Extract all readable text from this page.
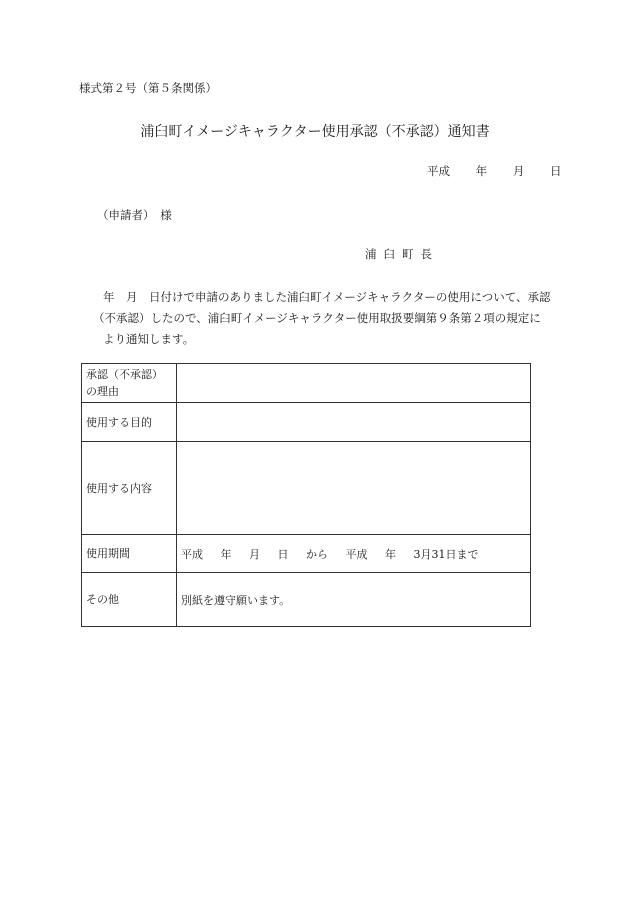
様式第２号（第５条関係）
浦臼町イメージキャラクター使用承認（不承認）通知書
平成 年 月 日
（申請者）　様
浦臼町長
年　月　日付けで申請のありました浦臼町イメージキャラクターの使用について、承認
（不承認）したので、浦臼町イメージキャラクター使用取扱要綱第９条第２項の規定に
より通知します。
承認（不承認）の理由	
使用する目的	
使用する内容	
使用期間	平成 年 月 日 から 平成 年 3月31日まで
その他	別紙を遵守願います。
